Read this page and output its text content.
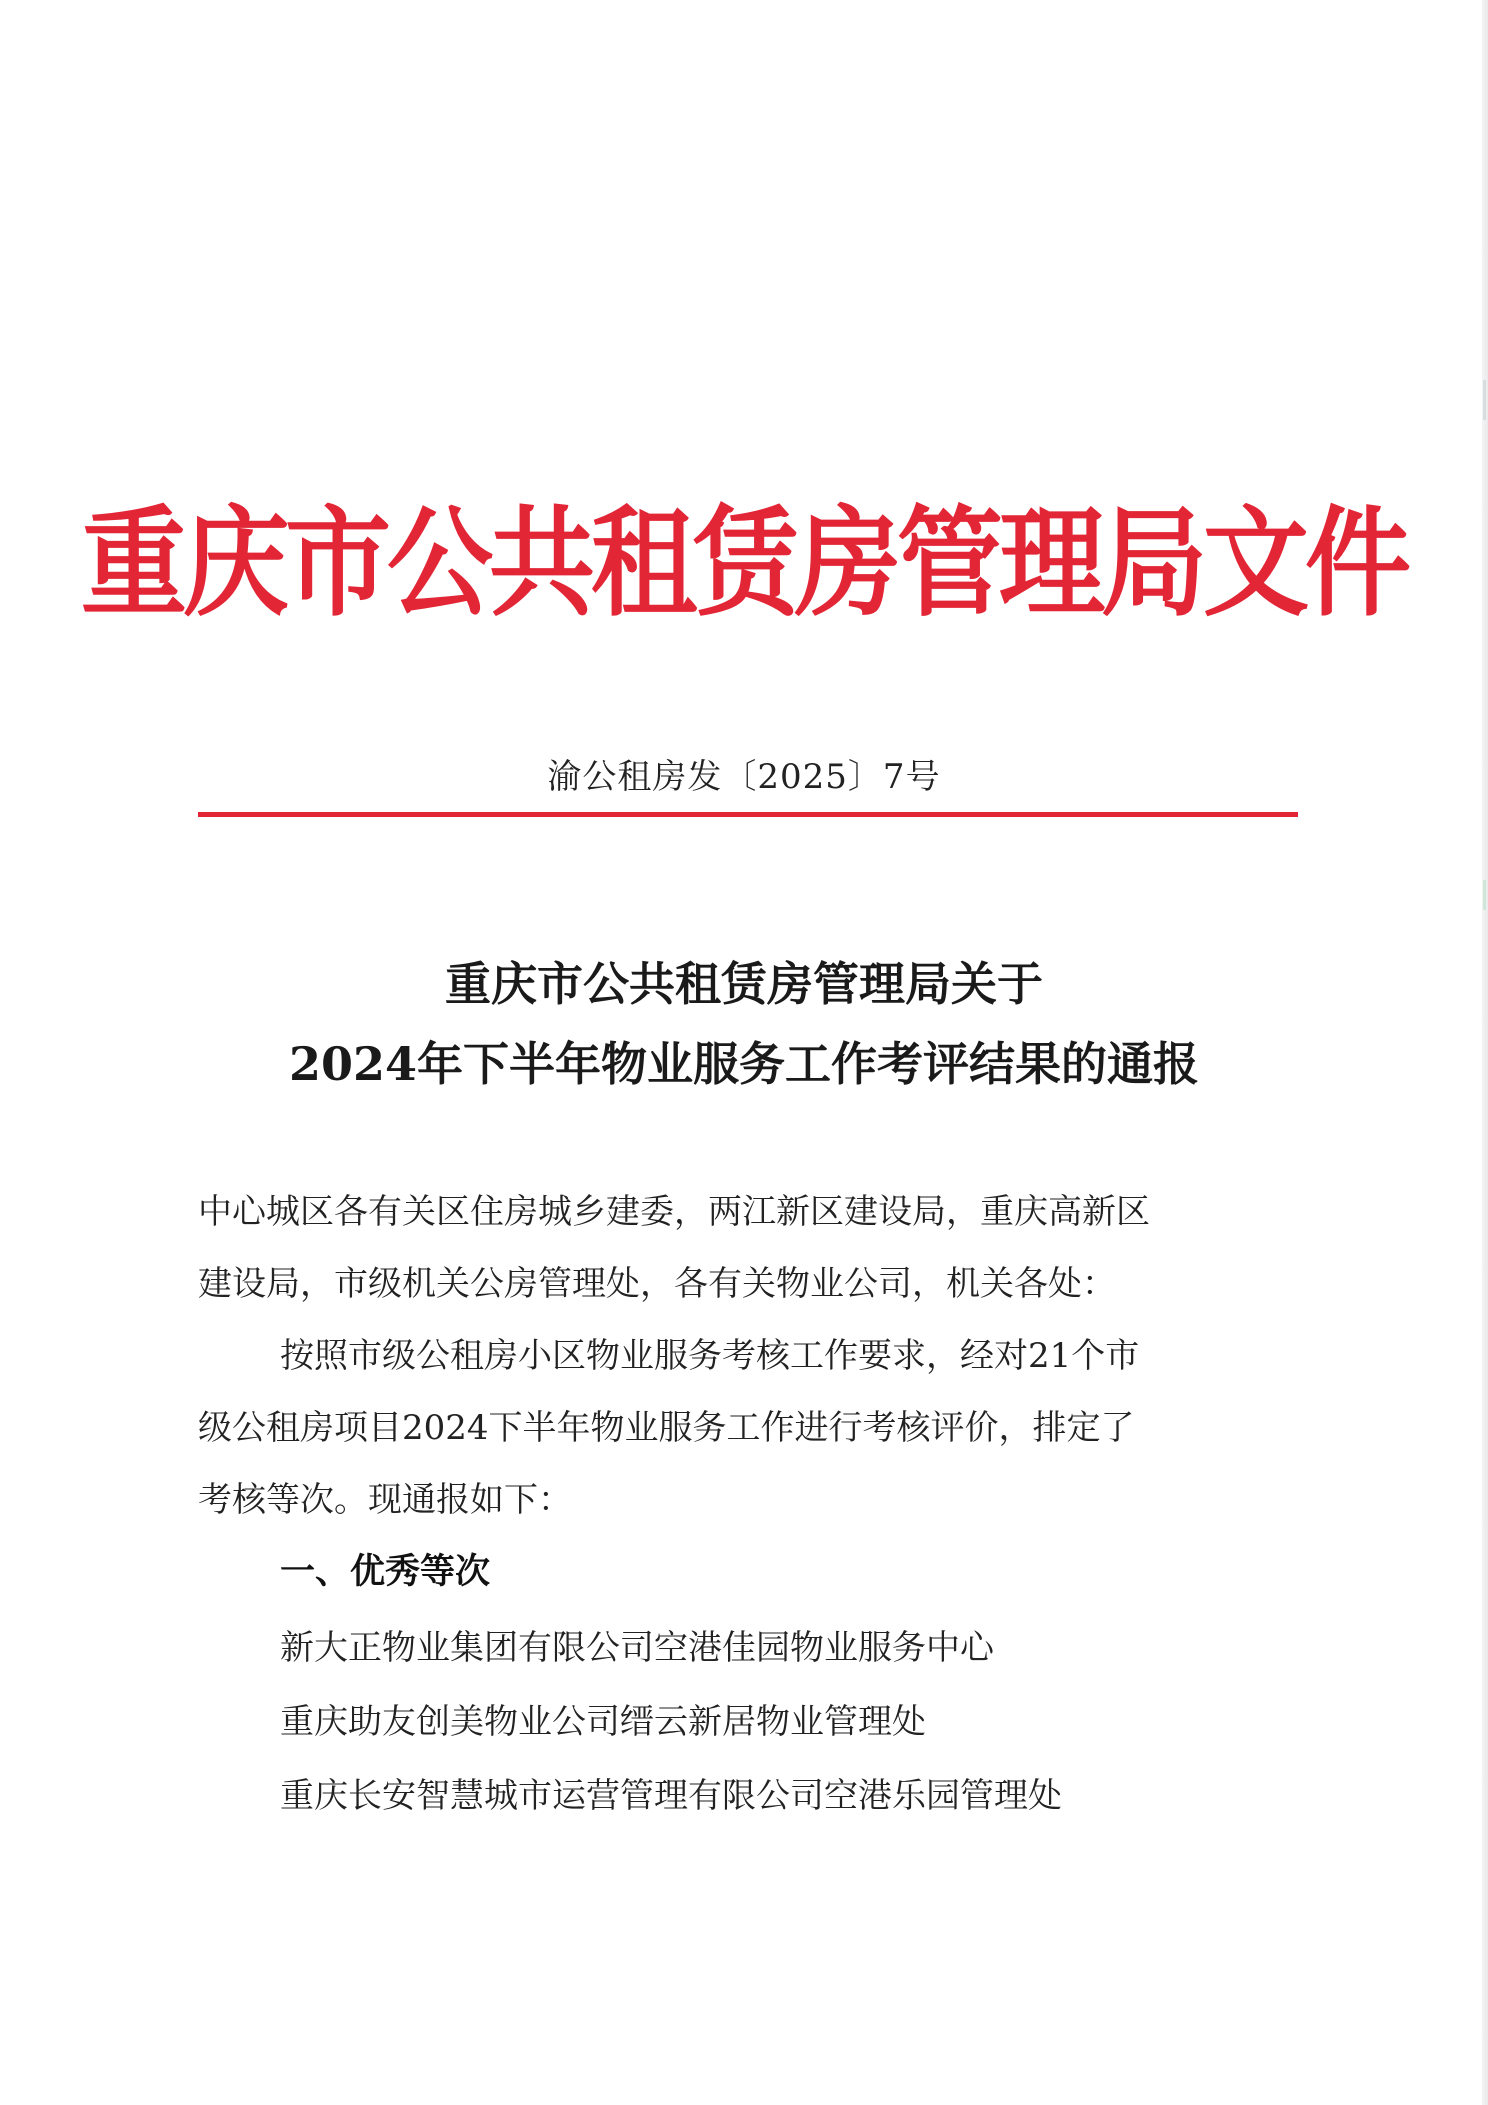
重庆市公共租赁房管理局文件
渝公租房发〔2025〕7号
重庆市公共租赁房管理局关于
2024年下半年物业服务工作考评结果的通报
中心城区各有关区住房城乡建委，两江新区建设局，重庆高新区
建设局，市级机关公房管理处，各有关物业公司，机关各处：
按照市级公租房小区物业服务考核工作要求，经对21个市
级公租房项目2024下半年物业服务工作进行考核评价，排定了
考核等次。现通报如下：
一、优秀等次
新大正物业集团有限公司空港佳园物业服务中心
重庆助友创美物业公司缙云新居物业管理处
重庆长安智慧城市运营管理有限公司空港乐园管理处
